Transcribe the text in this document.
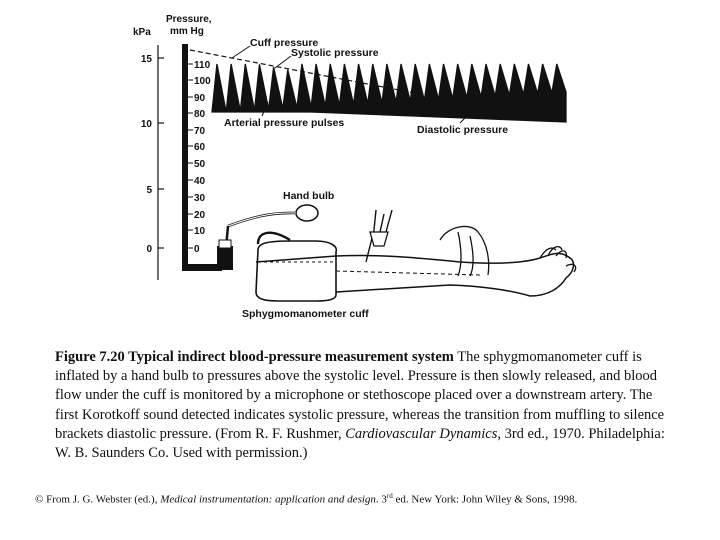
kPa
Pressure,
mm Hg
15
10
5
0
110
100
90
80
70
60
50
40
30
20
10
0
Cuff pressure
Systolic pressure
Arterial pressure pulses
Diastolic pressure
Hand bulb
Sphygmomanometer cuff
Figure 7.20 Typical indirect blood-pressure measurement system The sphygmomanometer cuff is inflated by a hand bulb to pressures above the systolic level. Pressure is then slowly released, and blood flow under the cuff is monitored by a microphone or stethoscope placed over a downstream artery. The first Korotkoff sound detected indicates systolic pressure, whereas the transition from muffling to silence brackets diastolic pressure. (From R. F. Rushmer, Cardiovascular Dynamics, 3rd ed., 1970. Philadelphia: W. B. Saunders Co. Used with permission.)
© From J. G. Webster (ed.), Medical instrumentation: application and design. 3rd ed. New York: John Wiley & Sons, 1998.
